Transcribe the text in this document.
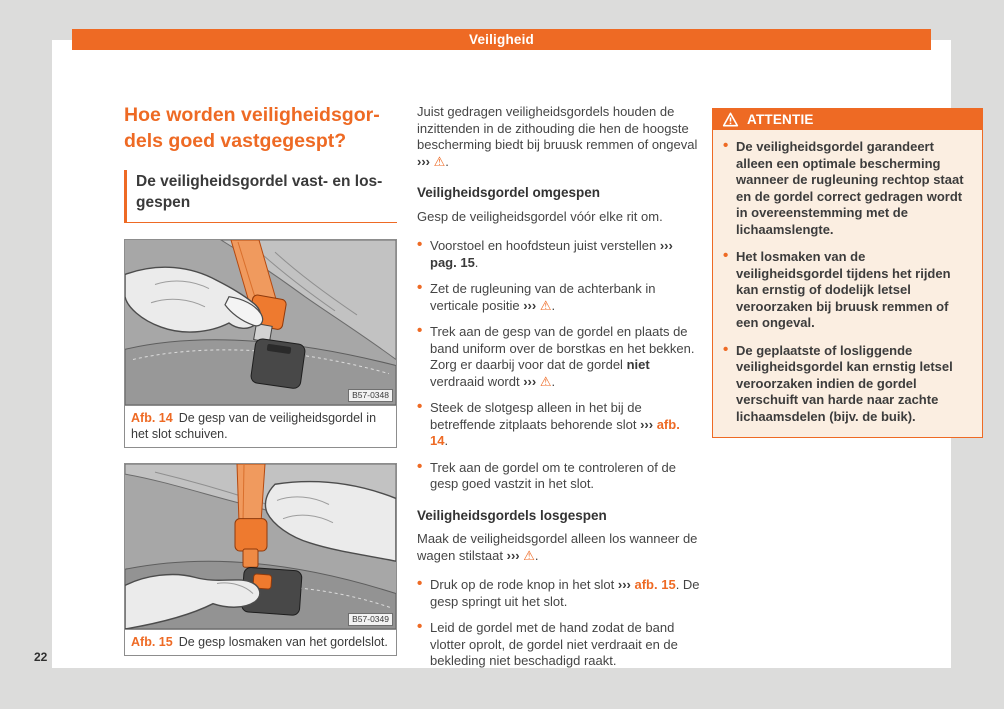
Hoe worden veiligheidsgor-
dels goed vastgegespt?
De veiligheidsgordel vast- en los-
gespen
B57-0348
Afb. 14 De gesp van de veiligheidsgordel in het slot schuiven.
B57-0349
Afb. 15 De gesp losmaken van het gordelslot.

Juist gedragen veiligheidsgordels houden de inzittenden in de zithouding die hen de hoogste bescherming biedt bij bruusk remmen of ongeval ››› ⚠.

Veiligheidsgordel omgespen

Gesp de veiligheidsgordel vóór elke rit om.

• Voorstoel en hoofdsteun juist verstellen ››› pag. 15.
• Zet de rugleuning van de achterbank in verticale positie ››› ⚠.
• Trek aan de gesp van de gordel en plaats de band uniform over de borstkas en het bekken. Zorg er daarbij voor dat de gordel niet verdraaid wordt ››› ⚠.
• Steek de slotgesp alleen in het bij de betreffende zitplaats behorende slot ››› afb. 14.
• Trek aan de gordel om te controleren of de gesp goed vastzit in het slot.
Veiligheidsgordels losgespen

Maak de veiligheidsgordel alleen los wanneer de wagen stilstaat ››› ⚠.

• Druk op de rode knop in het slot ››› afb. 15. De gesp springt uit het slot.
• Leid de gordel met de hand zodat de band vlotter oprolt, de gordel niet verdraait en de bekleding niet beschadigd raakt.
ATTENTIE
• De veiligheidsgordel garandeert alleen een optimale bescherming wanneer de rugleuning rechtop staat en de gordel correct gedragen wordt in overeenstemming met de lichaamslengte.
• Het losmaken van de veiligheidsgordel tijdens het rijden kan ernstig of dodelijk letsel veroorzaken bij bruusk remmen of een ongeval.
• De geplaatste of losliggende veiligheidsgordel kan ernstig letsel veroorzaken indien de gordel verschuift van harde naar zachte lichaamsdelen (bijv. de buik).
Veiligheid
22
